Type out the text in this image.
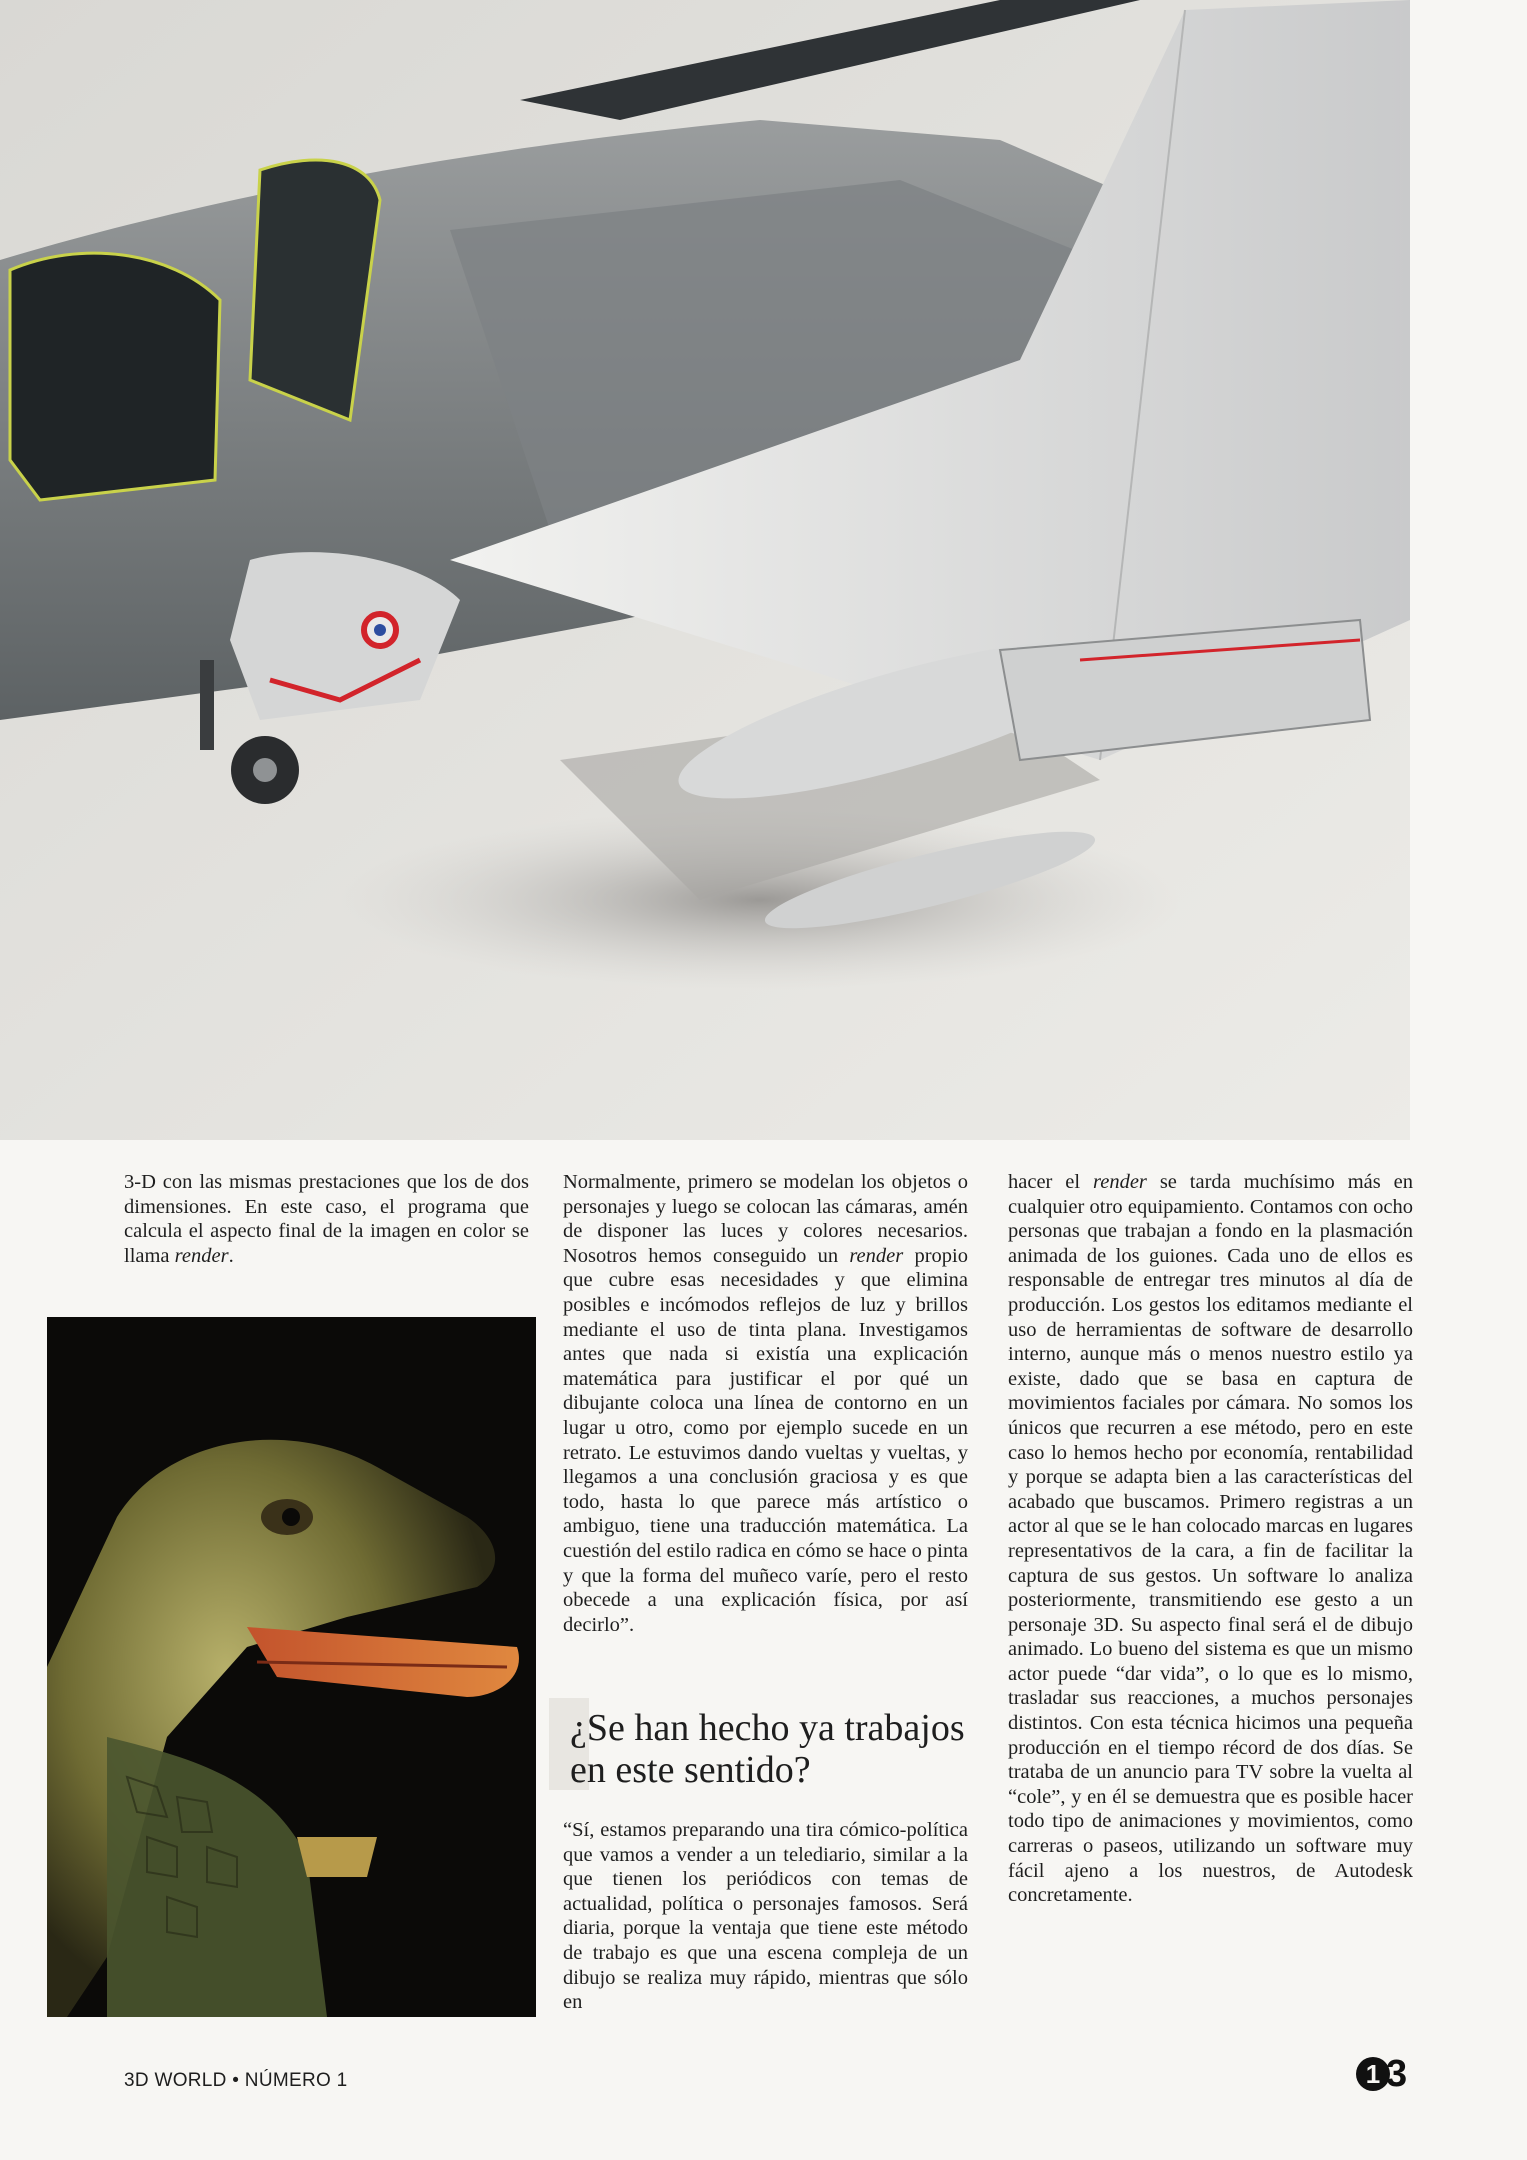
3-D con las mismas prestaciones que los de dos dimensiones. En este caso, el programa que calcula el aspecto final de la imagen en color se llama render.

Normalmente, primero se modelan los objetos o personajes y luego se colocan las cámaras, amén de disponer las luces y colores necesarios. Nosotros hemos conseguido un render propio que cubre esas necesidades y que elimina posibles e incómodos reflejos de luz y brillos mediante el uso de tinta plana. Investigamos antes que nada si existía una explicación matemática para justificar el por qué un dibujante coloca una línea de contorno en un lugar u otro, como por ejemplo sucede en un retrato. Le estuvimos dando vueltas y vueltas, y llegamos a una conclusión graciosa y es que todo, hasta lo que parece más artístico o ambiguo, tiene una traducción matemática. La cuestión del estilo radica en cómo se hace o pinta y que la forma del muñeco varíe, pero el resto obecede a una explicación física, por así decirlo”.

¿Se han hecho ya trabajos en este sentido?

“Sí, estamos preparando una tira cómico-política que vamos a vender a un telediario, similar a la que tienen los periódicos con temas de actualidad, política o personajes famosos. Será diaria, porque la ventaja que tiene este método de trabajo es que una escena compleja de un dibujo se realiza muy rápido, mientras que sólo en

hacer el render se tarda muchísimo más en cualquier otro equipamiento. Contamos con ocho personas que trabajan a fondo en la plasmación animada de los guiones. Cada uno de ellos es responsable de entregar tres minutos al día de producción. Los gestos los editamos mediante el uso de herramientas de software de desarrollo interno, aunque más o menos nuestro estilo ya existe, dado que se basa en captura de movimientos faciales por cámara. No somos los únicos que recurren a ese método, pero en este caso lo hemos hecho por economía, rentabilidad y porque se adapta bien a las características del acabado que buscamos. Primero registras a un actor al que se le han colocado marcas en lugares representativos de la cara, a fin de facilitar la captura de sus gestos. Un software lo analiza posteriormente, transmitiendo ese gesto a un personaje 3D. Su aspecto final será el de dibujo animado. Lo bueno del sistema es que un mismo actor puede “dar vida”, o lo que es lo mismo, trasladar sus reacciones, a muchos personajes distintos. Con esta técnica hicimos una pequeña producción en el tiempo récord de dos días. Se trataba de un anuncio para TV sobre la vuelta al “cole”, y en él se demuestra que es posible hacer todo tipo de animaciones y movimientos, como carreras o paseos, utilizando un software muy fácil ajeno a los nuestros, de Autodesk concretamente.

3D WORLD • NÚMERO 1	1 3
